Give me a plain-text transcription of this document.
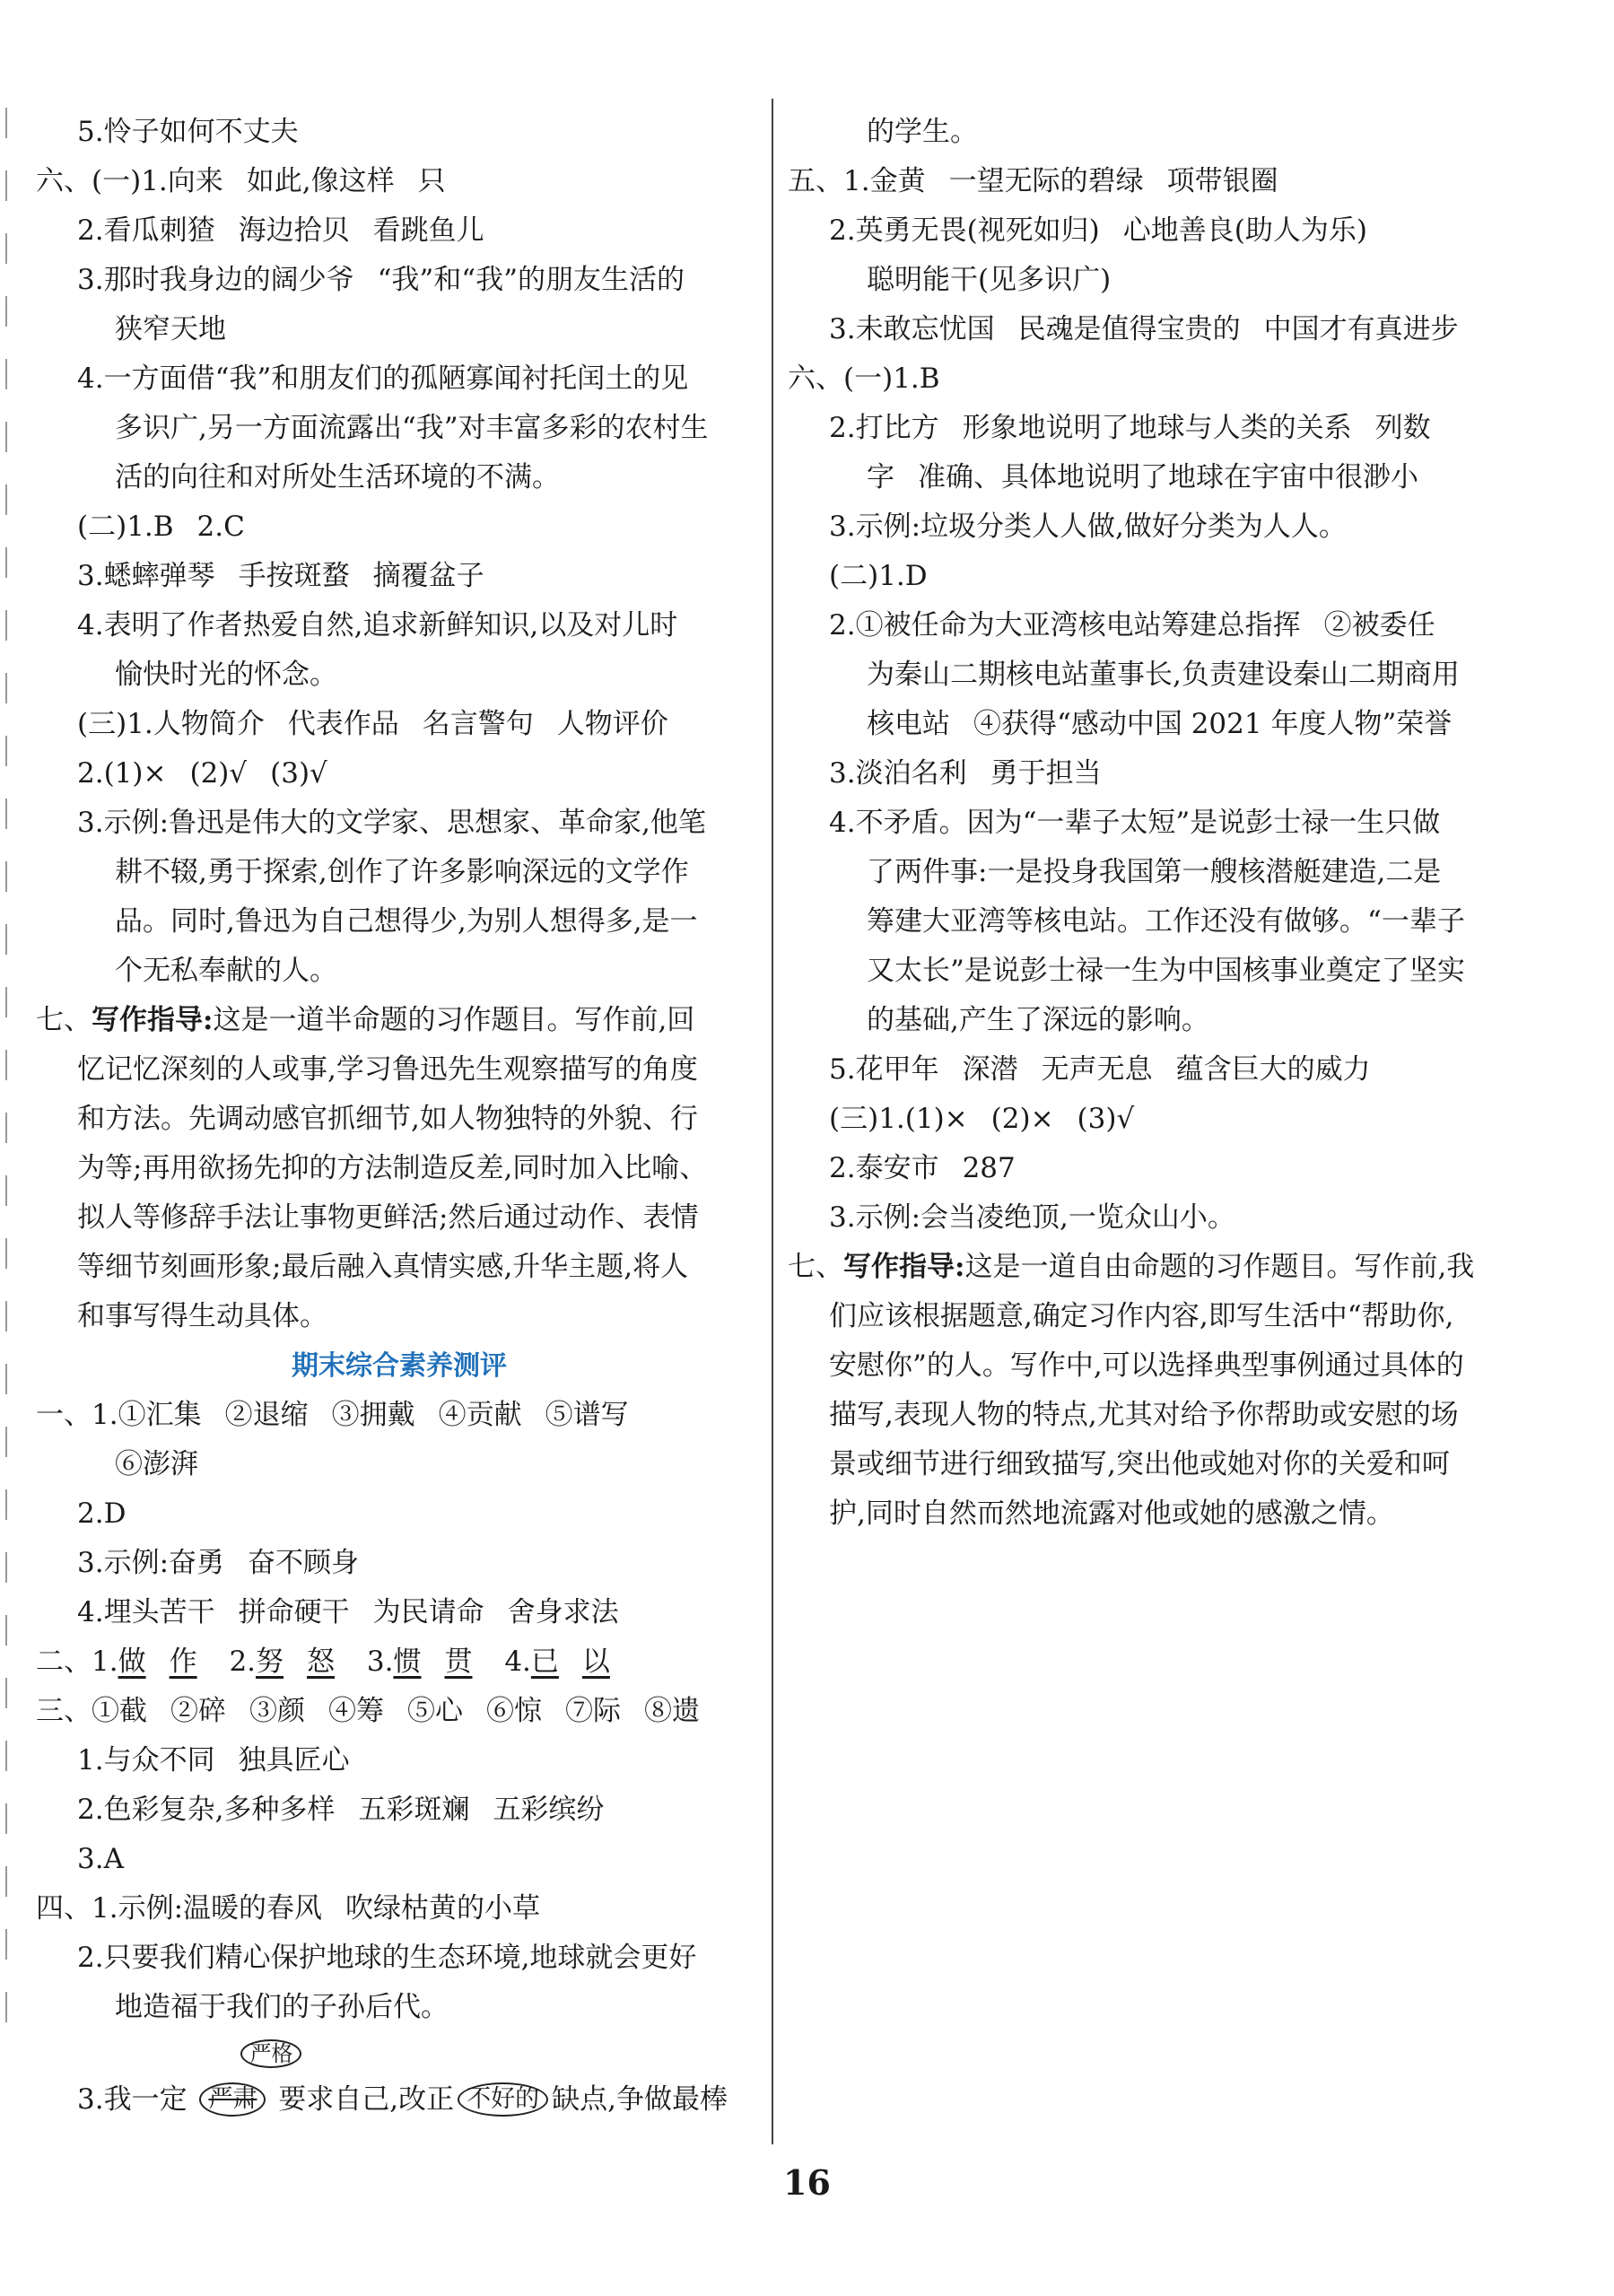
5.怜子如何不丈夫
六、(一)1.向来 如此,像这样 只
2.看瓜刺猹 海边拾贝 看跳鱼儿
3.那时我身边的阔少爷 “我”和“我”的朋友生活的
狭窄天地
4.一方面借“我”和朋友们的孤陋寡闻衬托闰土的见
多识广,另一方面流露出“我”对丰富多彩的农村生
活的向往和对所处生活环境的不满。
(二)1.B 2.C
3.蟋蟀弹琴 手按斑蝥 摘覆盆子
4.表明了作者热爱自然,追求新鲜知识,以及对儿时
愉快时光的怀念。
(三)1.人物简介 代表作品 名言警句 人物评价
2.(1)× (2)√ (3)√
3.示例:鲁迅是伟大的文学家、思想家、革命家,他笔
耕不辍,勇于探索,创作了许多影响深远的文学作
品。同时,鲁迅为自己想得少,为别人想得多,是一
个无私奉献的人。
七、写作指导:这是一道半命题的习作题目。写作前,回
忆记忆深刻的人或事,学习鲁迅先生观察描写的角度
和方法。先调动感官抓细节,如人物独特的外貌、行
为等;再用欲扬先抑的方法制造反差,同时加入比喻、
拟人等修辞手法让事物更鲜活;然后通过动作、表情
等细节刻画形象;最后融入真情实感,升华主题,将人
和事写得生动具体。
期末综合素养测评
一、1.①汇集 ②退缩 ③拥戴 ④贡献 ⑤谱写
⑥澎湃
2.D
3.示例:奋勇 奋不顾身
4.埋头苦干 拼命硬干 为民请命 舍身求法
二、1.做 作 2.努 怒 3.惯 贯 4.已 以
三、①截 ②碎 ③颜 ④筹 ⑤心 ⑥惊 ⑦际 ⑧遗
1.与众不同 独具匠心
2.色彩复杂,多种多样 五彩斑斓 五彩缤纷
3.A
四、1.示例:温暖的春风 吹绿枯黄的小草
2.只要我们精心保护地球的生态环境,地球就会更好
地造福于我们的子孙后代。
3.我一定
严格
严肃 要求自己,改正 不好的 缺点,争做最棒
的学生。
五、1.金黄 一望无际的碧绿 项带银圈
2.英勇无畏(视死如归) 心地善良(助人为乐)
聪明能干(见多识广)
3.未敢忘忧国 民魂是值得宝贵的 中国才有真进步
六、(一)1.B
2.打比方 形象地说明了地球与人类的关系 列数
字 准确、具体地说明了地球在宇宙中很渺小
3.示例:垃圾分类人人做,做好分类为人人。
(二)1.D
2.①被任命为大亚湾核电站筹建总指挥 ②被委任
为秦山二期核电站董事长,负责建设秦山二期商用
核电站 ④获得“感动中国 2021 年度人物”荣誉
3.淡泊名利 勇于担当
4.不矛盾。因为“一辈子太短”是说彭士禄一生只做
了两件事:一是投身我国第一艘核潜艇建造,二是
筹建大亚湾等核电站。工作还没有做够。“一辈子
又太长”是说彭士禄一生为中国核事业奠定了坚实
的基础,产生了深远的影响。
5.花甲年 深潜 无声无息 蕴含巨大的威力
(三)1.(1)× (2)× (3)√
2.泰安市 287
3.示例:会当凌绝顶,一览众山小。
七、写作指导:这是一道自由命题的习作题目。写作前,我
们应该根据题意,确定习作内容,即写生活中“帮助你,
安慰你”的人。写作中,可以选择典型事例通过具体的
描写,表现人物的特点,尤其对给予你帮助或安慰的场
景或细节进行细致描写,突出他或她对你的关爱和呵
护,同时自然而然地流露对他或她的感激之情。
16
